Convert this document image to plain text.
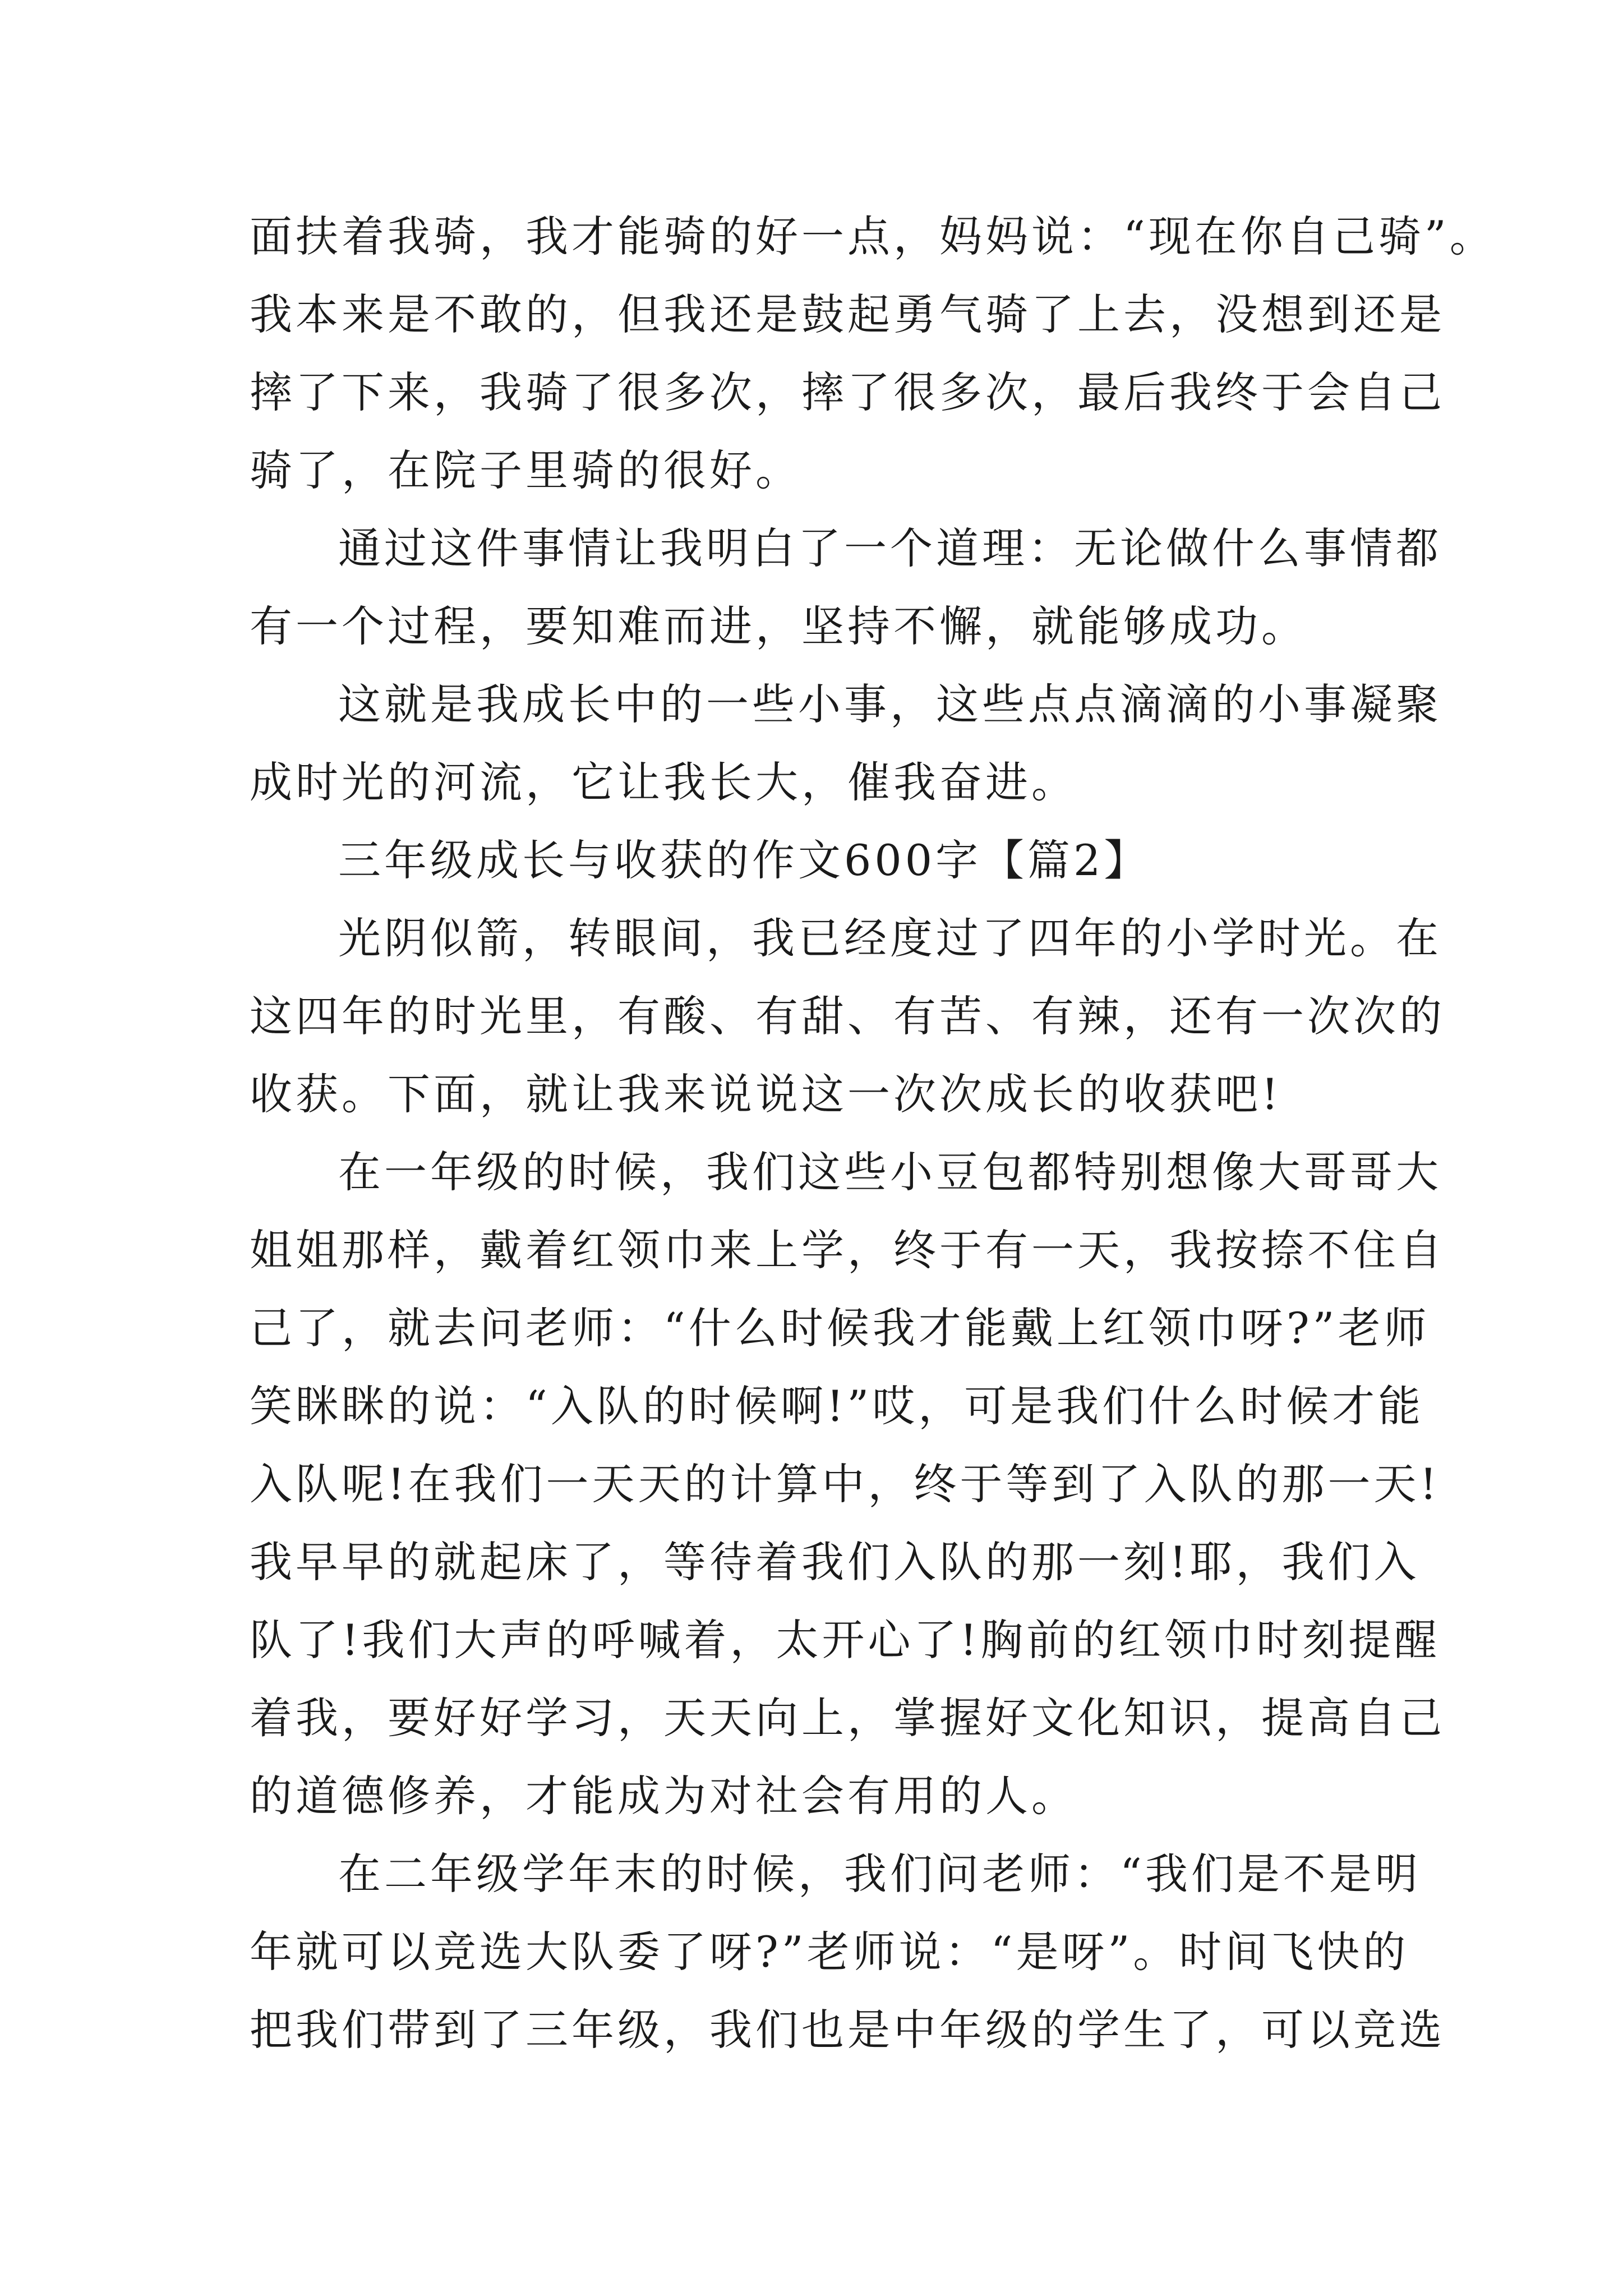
面扶着我骑，我才能骑的好一点，妈妈说：“现在你自己骑”。
我本来是不敢的，但我还是鼓起勇气骑了上去，没想到还是
摔了下来，我骑了很多次，摔了很多次，最后我终于会自己
骑了，在院子里骑的很好。
通过这件事情让我明白了一个道理：无论做什么事情都
有一个过程，要知难而进，坚持不懈，就能够成功。
这就是我成长中的一些小事，这些点点滴滴的小事凝聚
成时光的河流，它让我长大，催我奋进。
三年级成长与收获的作文600字【篇2】
光阴似箭，转眼间，我已经度过了四年的小学时光。在
这四年的时光里，有酸、有甜、有苦、有辣，还有一次次的
收获。下面，就让我来说说这一次次成长的收获吧!
在一年级的时候，我们这些小豆包都特别想像大哥哥大
姐姐那样，戴着红领巾来上学，终于有一天，我按捺不住自
己了，就去问老师：“什么时候我才能戴上红领巾呀?”老师
笑眯眯的说：“入队的时候啊!”哎，可是我们什么时候才能
入队呢!在我们一天天的计算中，终于等到了入队的那一天!
我早早的就起床了，等待着我们入队的那一刻!耶，我们入
队了!我们大声的呼喊着，太开心了!胸前的红领巾时刻提醒
着我，要好好学习，天天向上，掌握好文化知识，提高自己
的道德修养，才能成为对社会有用的人。
在二年级学年末的时候，我们问老师：“我们是不是明
年就可以竞选大队委了呀?”老师说：“是呀”。时间飞快的
把我们带到了三年级，我们也是中年级的学生了，可以竞选
